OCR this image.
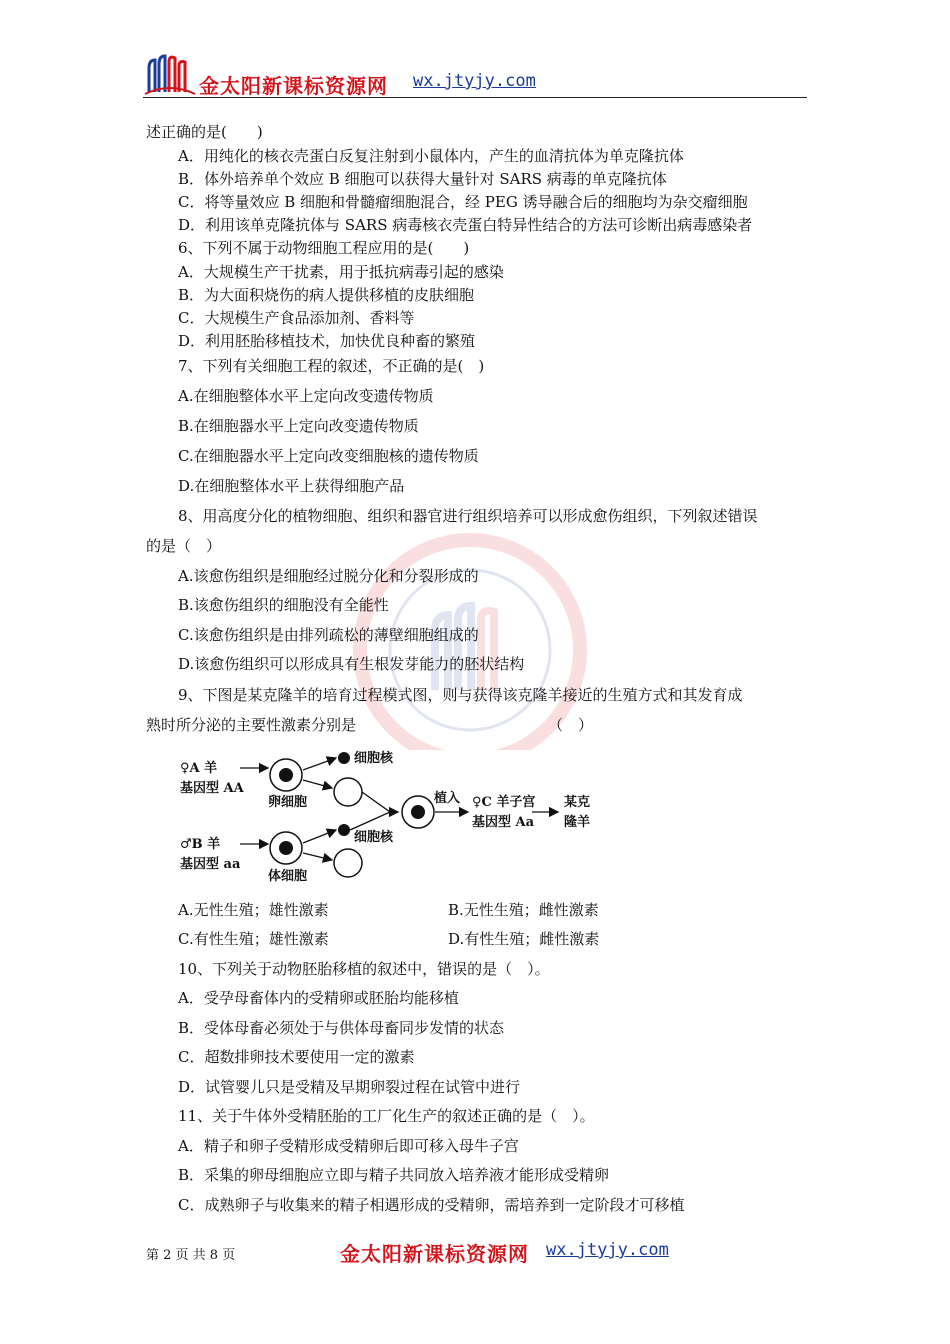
金太阳新课标资源网 wx.jtyjy.com
述正确的是(　　)
A．用纯化的核衣壳蛋白反复注射到小鼠体内，产生的血清抗体为单克隆抗体
B．体外培养单个效应 B 细胞可以获得大量针对 SARS 病毒的单克隆抗体
C．将等量效应 B 细胞和骨髓瘤细胞混合，经 PEG 诱导融合后的细胞均为杂交瘤细胞
D．利用该单克隆抗体与 SARS 病毒核衣壳蛋白特异性结合的方法可诊断出病毒感染者
6、下列不属于动物细胞工程应用的是(　　)
A．大规模生产干扰素，用于抵抗病毒引起的感染
B．为大面积烧伤的病人提供移植的皮肤细胞
C．大规模生产食品添加剂、香料等
D．利用胚胎移植技术，加快优良种畜的繁殖
7、下列有关细胞工程的叙述，不正确的是(　)
A.在细胞整体水平上定向改变遗传物质
B.在细胞器水平上定向改变遗传物质
C.在细胞器水平上定向改变细胞核的遗传物质
D.在细胞整体水平上获得细胞产品
8、用高度分化的植物细胞、组织和器官进行组织培养可以形成愈伤组织，下列叙述错误
的是（　）
A.该愈伤组织是细胞经过脱分化和分裂形成的
B.该愈伤组织的细胞没有全能性
C.该愈伤组织是由排列疏松的薄壁细胞组成的
D.该愈伤组织可以形成具有生根发芽能力的胚状结构
9、下图是某克隆羊的培育过程模式图，则与获得该克隆羊接近的生殖方式和其发育成
熟时所分泌的主要性激素分别是	（　）
♀A 羊
基因型 AA
卵细胞
细胞核
♂B 羊
基因型 aa
体细胞
细胞核
植入 ♀C 羊子宫
基因型 Aa
某克
隆羊
A.无性生殖；雄性激素	B.无性生殖；雌性激素
C.有性生殖；雄性激素	D.有性生殖；雌性激素
10、下列关于动物胚胎移植的叙述中，错误的是（　）。
A．受孕母畜体内的受精卵或胚胎均能移植
B．受体母畜必须处于与供体母畜同步发情的状态
C．超数排卵技术要使用一定的激素
D．试管婴儿只是受精及早期卵裂过程在试管中进行
11、关于牛体外受精胚胎的工厂化生产的叙述正确的是（　）。
A．精子和卵子受精形成受精卵后即可移入母牛子宫
B．采集的卵母细胞应立即与精子共同放入培养液才能形成受精卵
C．成熟卵子与收集来的精子相遇形成的受精卵，需培养到一定阶段才可移植
第 2 页 共 8 页	金太阳新课标资源网 wx.jtyjy.com
